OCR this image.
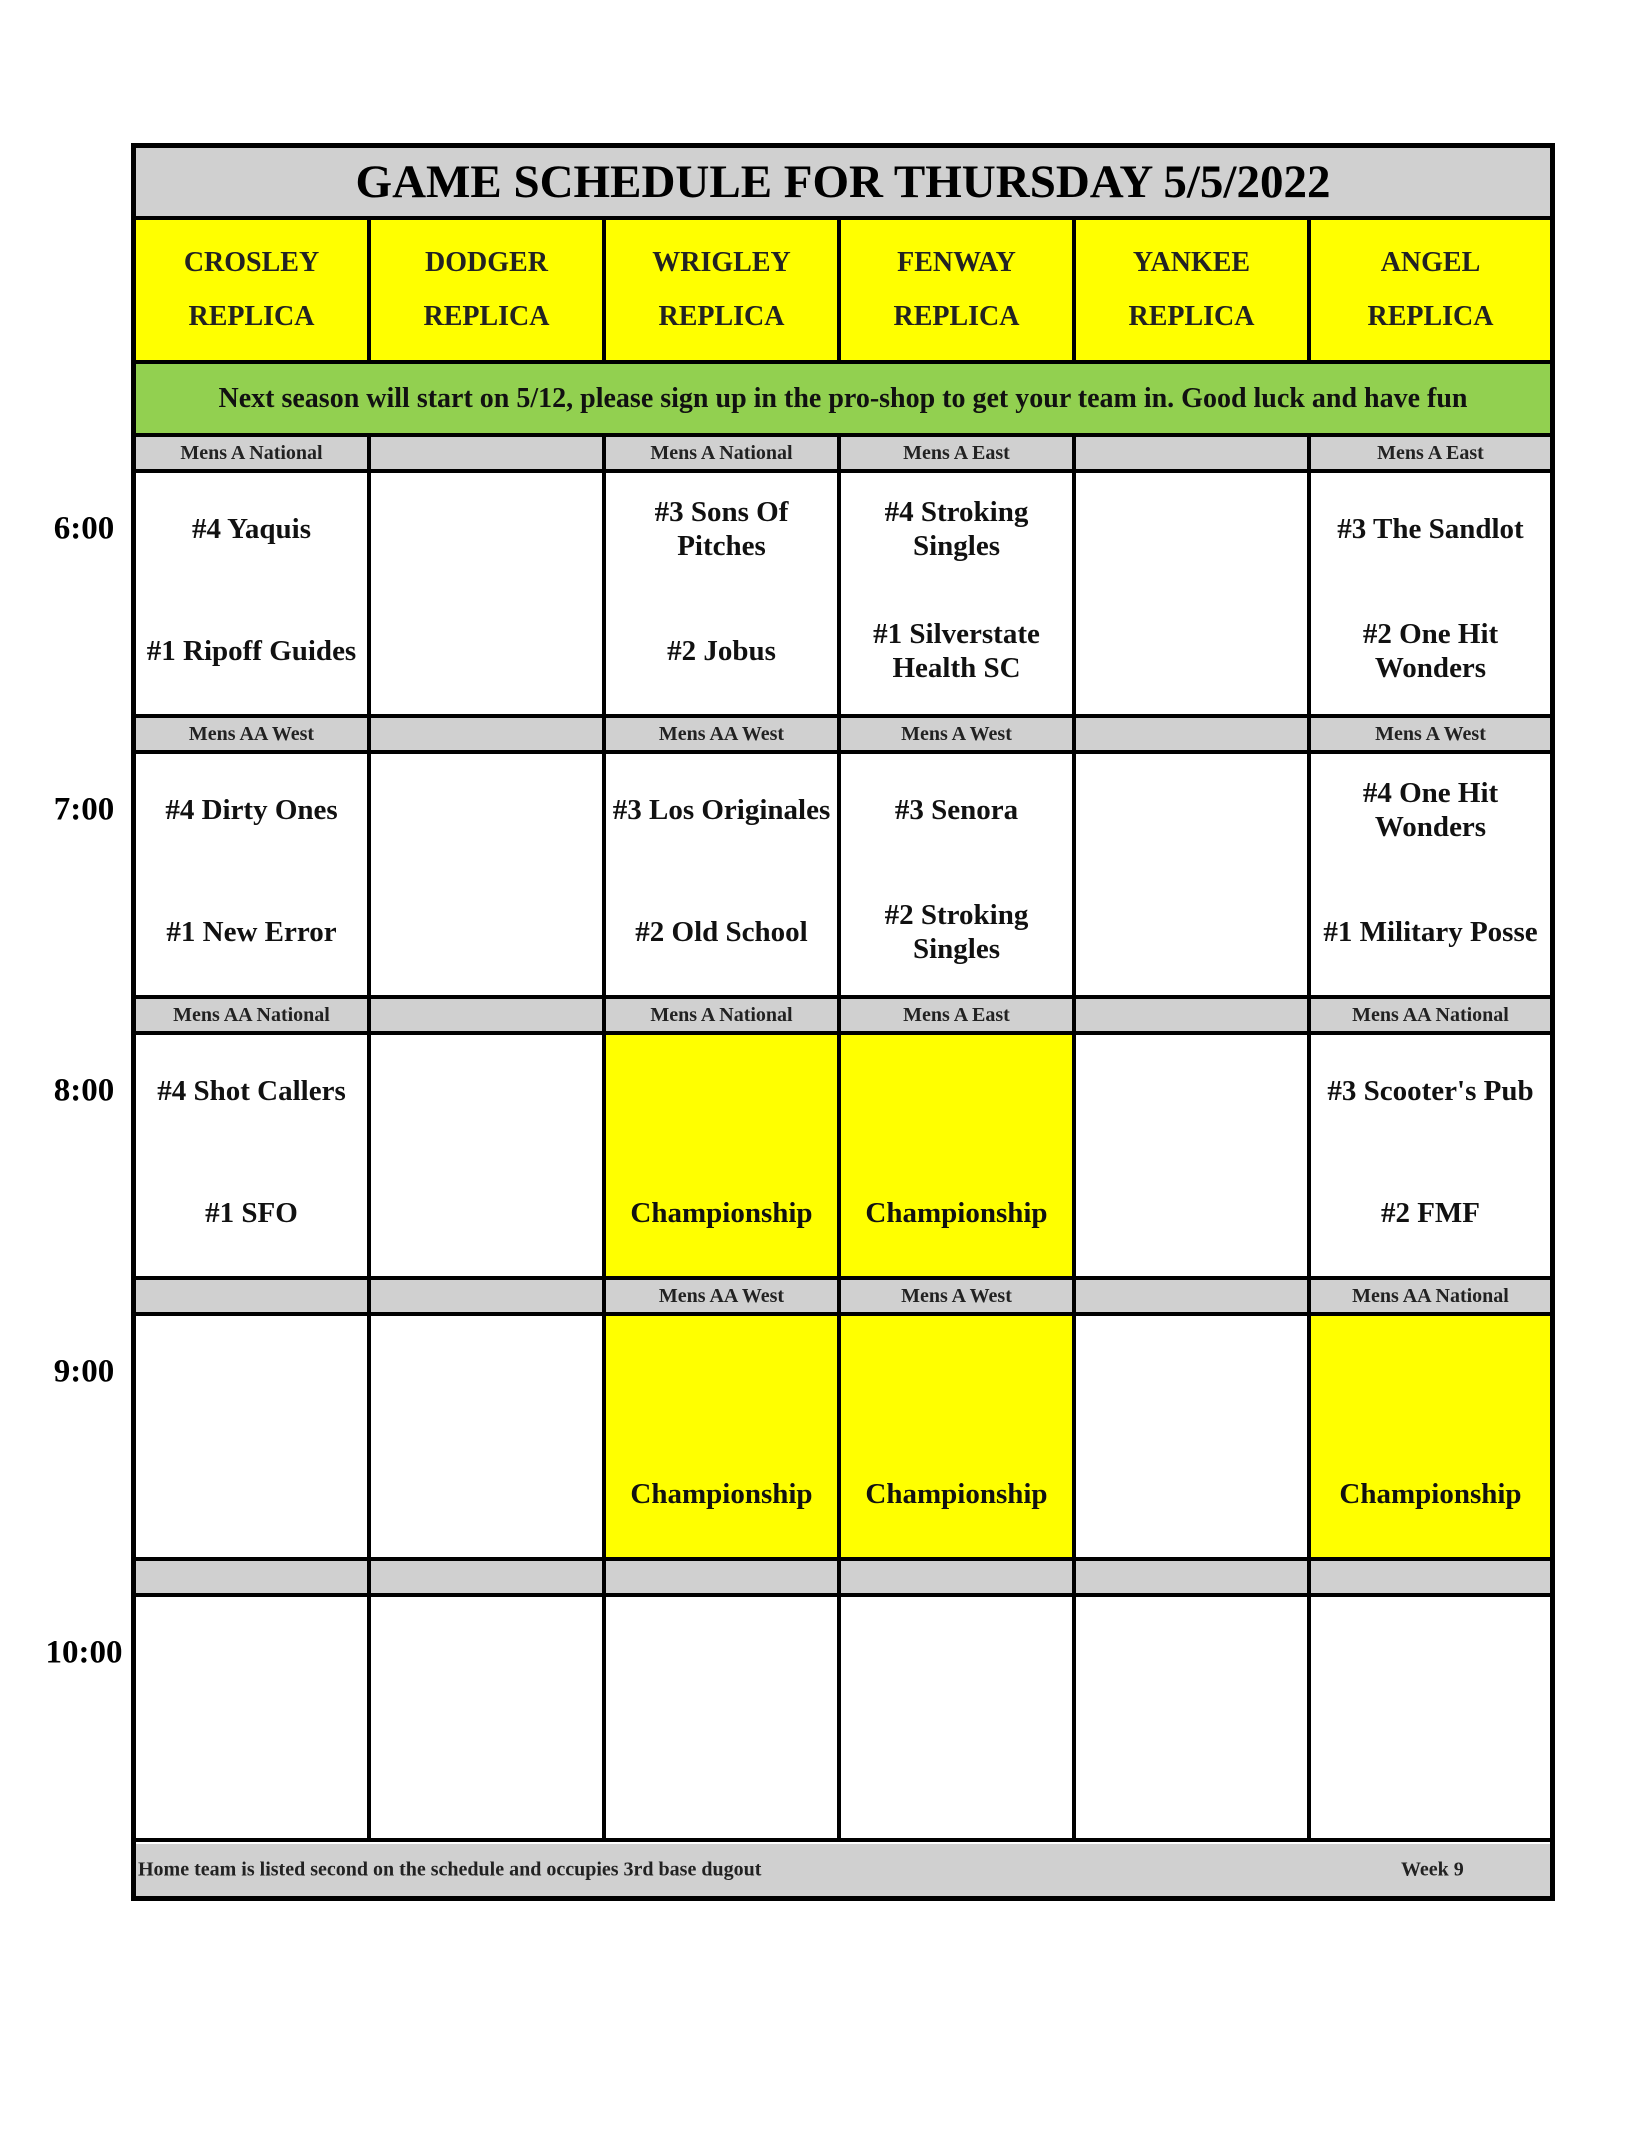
GAME SCHEDULE FOR THURSDAY 5/5/2022
Next season will start on 5/12, please sign up in the pro-shop to get your team in. Good luck and have fun
Home team is listed second on the schedule and occupies 3rd base dugout	Week 9
CROSLEY
REPLICA
DODGER
REPLICA
WRIGLEY
REPLICA
FENWAY
REPLICA
YANKEE
REPLICA
ANGEL
REPLICA
Mens A National
#4 Yaquis
#1 Ripoff Guides
Mens A National
#3 Sons Of Pitches
#2 Jobus
Mens A East
#4 Stroking Singles
#1 Silverstate Health SC
Mens A East
#3 The Sandlot
#2 One Hit Wonders
Mens AA West
#4 Dirty Ones
#1 New Error
Mens AA West
#3 Los Originales
#2 Old School
Mens A West
#3 Senora
#2 Stroking Singles
Mens A West
#4 One Hit Wonders
#1 Military Posse
Mens AA National
#4 Shot Callers
#1 SFO
Mens A National
Championship
Mens A East
Championship
Mens AA National
#3 Scooter's Pub
#2 FMF
Mens AA West
Championship
Mens A West
Championship
Mens AA National
Championship
6:00
7:00
8:00
9:00
10:00
